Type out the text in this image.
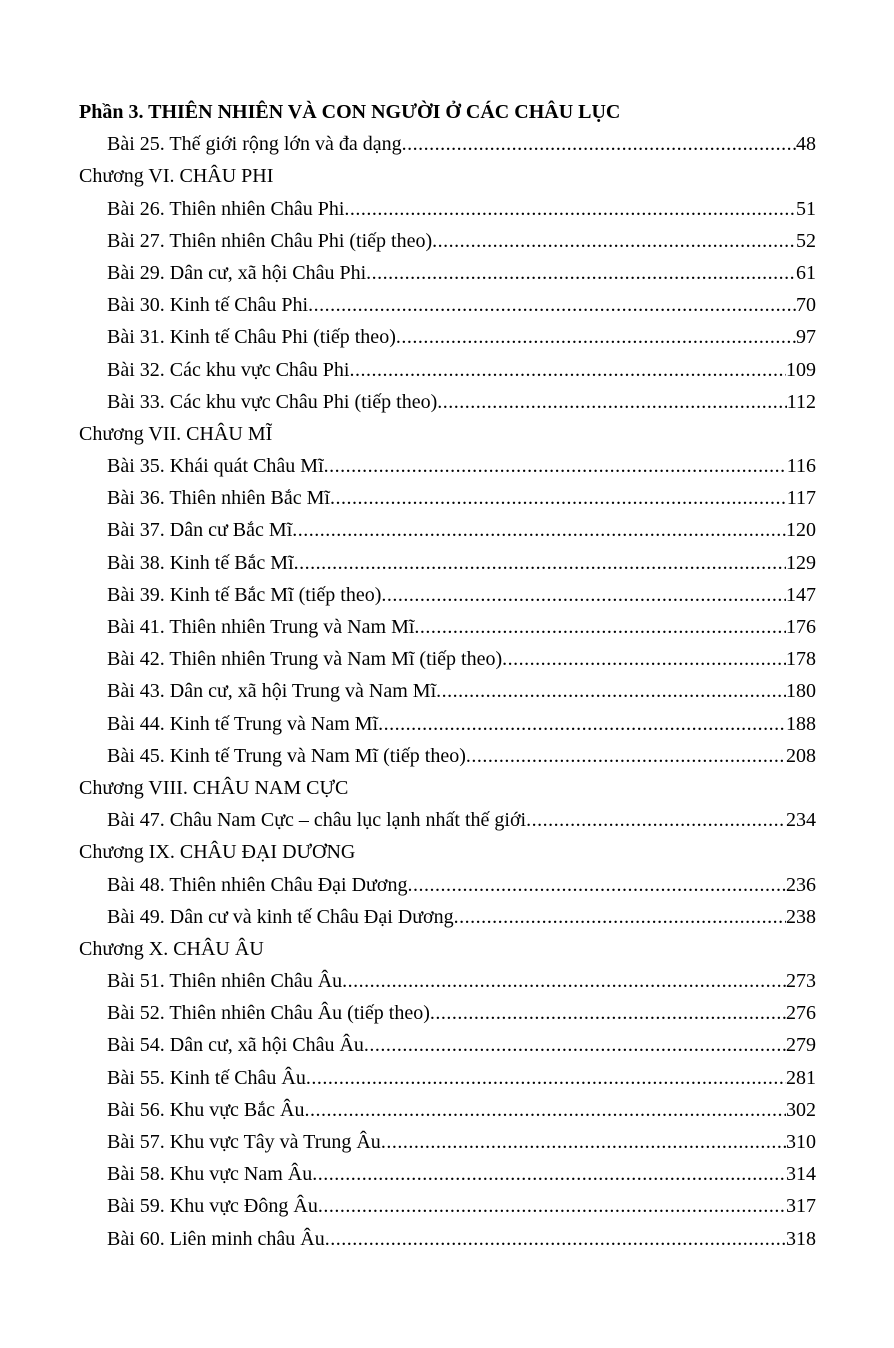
Phần 3. THIÊN NHIÊN VÀ CON NGƯỜI Ở CÁC CHÂU LỤC
Bài 25. Thế giới rộng lớn và đa dạng .....	48
Chương VI. CHÂU PHI
Bài 26. Thiên nhiên Châu Phi .....	51
Bài 27. Thiên nhiên Châu Phi (tiếp theo) .....	52
Bài 29. Dân cư, xã hội Châu Phi .....	61
Bài 30. Kinh tế Châu Phi .....	70
Bài 31. Kinh tế Châu Phi (tiếp theo) .....	97
Bài 32. Các khu vực Châu Phi .....	109
Bài 33. Các khu vực Châu Phi (tiếp theo) .....	112
Chương VII. CHÂU MĨ
Bài 35. Khái quát Châu Mĩ .....	116
Bài 36. Thiên nhiên Bắc Mĩ .....	117
Bài 37. Dân cư Bắc Mĩ .....	120
Bài 38. Kinh tế Bắc Mĩ .....	129
Bài 39. Kinh tế Bắc Mĩ (tiếp theo) .....	147
Bài 41. Thiên nhiên Trung và Nam Mĩ .....	176
Bài 42. Thiên nhiên Trung và Nam Mĩ (tiếp theo) .....	178
Bài 43. Dân cư, xã hội Trung và Nam Mĩ .....	180
Bài 44. Kinh tế Trung và Nam Mĩ .....	188
Bài 45. Kinh tế Trung và Nam Mĩ (tiếp theo) .....	208
Chương VIII. CHÂU NAM CỰC
Bài 47. Châu Nam Cực – châu lục lạnh nhất thế giới .....	234
Chương IX. CHÂU ĐẠI DƯƠNG
Bài 48. Thiên nhiên Châu Đại Dương .....	236
Bài 49. Dân cư và kinh tế Châu Đại Dương .....	238
Chương X. CHÂU ÂU
Bài 51. Thiên nhiên Châu Âu .....	273
Bài 52. Thiên nhiên Châu Âu (tiếp theo) .....	276
Bài 54. Dân cư, xã hội Châu Âu .....	279
Bài 55. Kinh tế Châu Âu .....	281
Bài 56. Khu vực Bắc Âu .....	302
Bài 57. Khu vực Tây và Trung Âu .....	310
Bài 58. Khu vực Nam Âu .....	314
Bài 59. Khu vực Đông Âu .....	317
Bài 60. Liên minh châu Âu .....	318
